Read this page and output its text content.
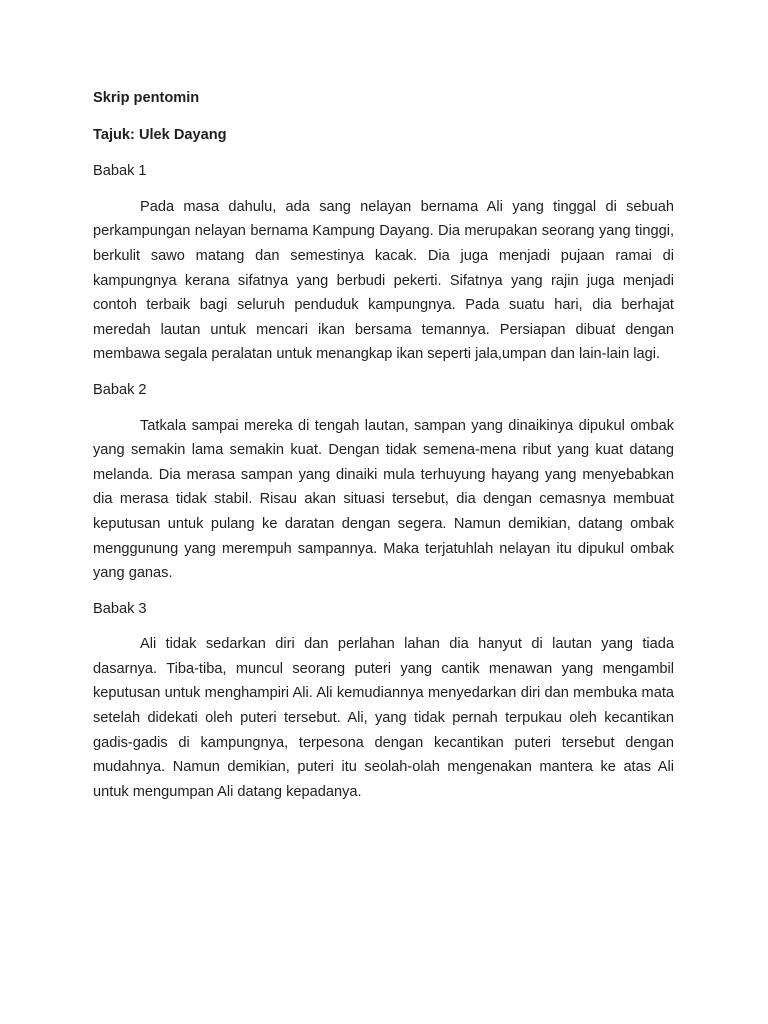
Skrip pentomin

Tajuk: Ulek Dayang

Babak 1

Pada masa dahulu, ada sang nelayan bernama Ali yang tinggal di sebuah perkampungan nelayan bernama Kampung Dayang. Dia merupakan seorang yang tinggi, berkulit sawo matang dan semestinya kacak. Dia juga menjadi pujaan ramai di kampungnya kerana sifatnya yang berbudi pekerti. Sifatnya yang rajin juga menjadi contoh terbaik bagi seluruh penduduk kampungnya. Pada suatu hari, dia berhajat meredah lautan untuk mencari ikan bersama temannya. Persiapan dibuat dengan membawa segala peralatan untuk menangkap ikan seperti jala,umpan dan lain-lain lagi.

Babak 2

Tatkala sampai mereka di tengah lautan, sampan yang dinaikinya dipukul ombak yang semakin lama semakin kuat. Dengan tidak semena-mena ribut yang kuat datang melanda. Dia merasa sampan yang dinaiki mula terhuyung hayang yang menyebabkan dia merasa tidak stabil. Risau akan situasi tersebut, dia dengan cemasnya membuat keputusan untuk pulang ke daratan dengan segera. Namun demikian, datang ombak menggunung yang merempuh sampannya. Maka terjatuhlah nelayan itu dipukul ombak yang ganas.

Babak 3

Ali tidak sedarkan diri dan perlahan lahan dia hanyut di lautan yang tiada dasarnya. Tiba-tiba, muncul seorang puteri yang cantik menawan yang mengambil keputusan untuk menghampiri Ali. Ali kemudiannya menyedarkan diri dan membuka mata setelah didekati oleh puteri tersebut. Ali, yang tidak pernah terpukau oleh kecantikan gadis-gadis di kampungnya, terpesona dengan kecantikan puteri tersebut dengan mudahnya. Namun demikian, puteri itu seolah-olah mengenakan mantera ke atas Ali untuk mengumpan Ali datang kepadanya.
